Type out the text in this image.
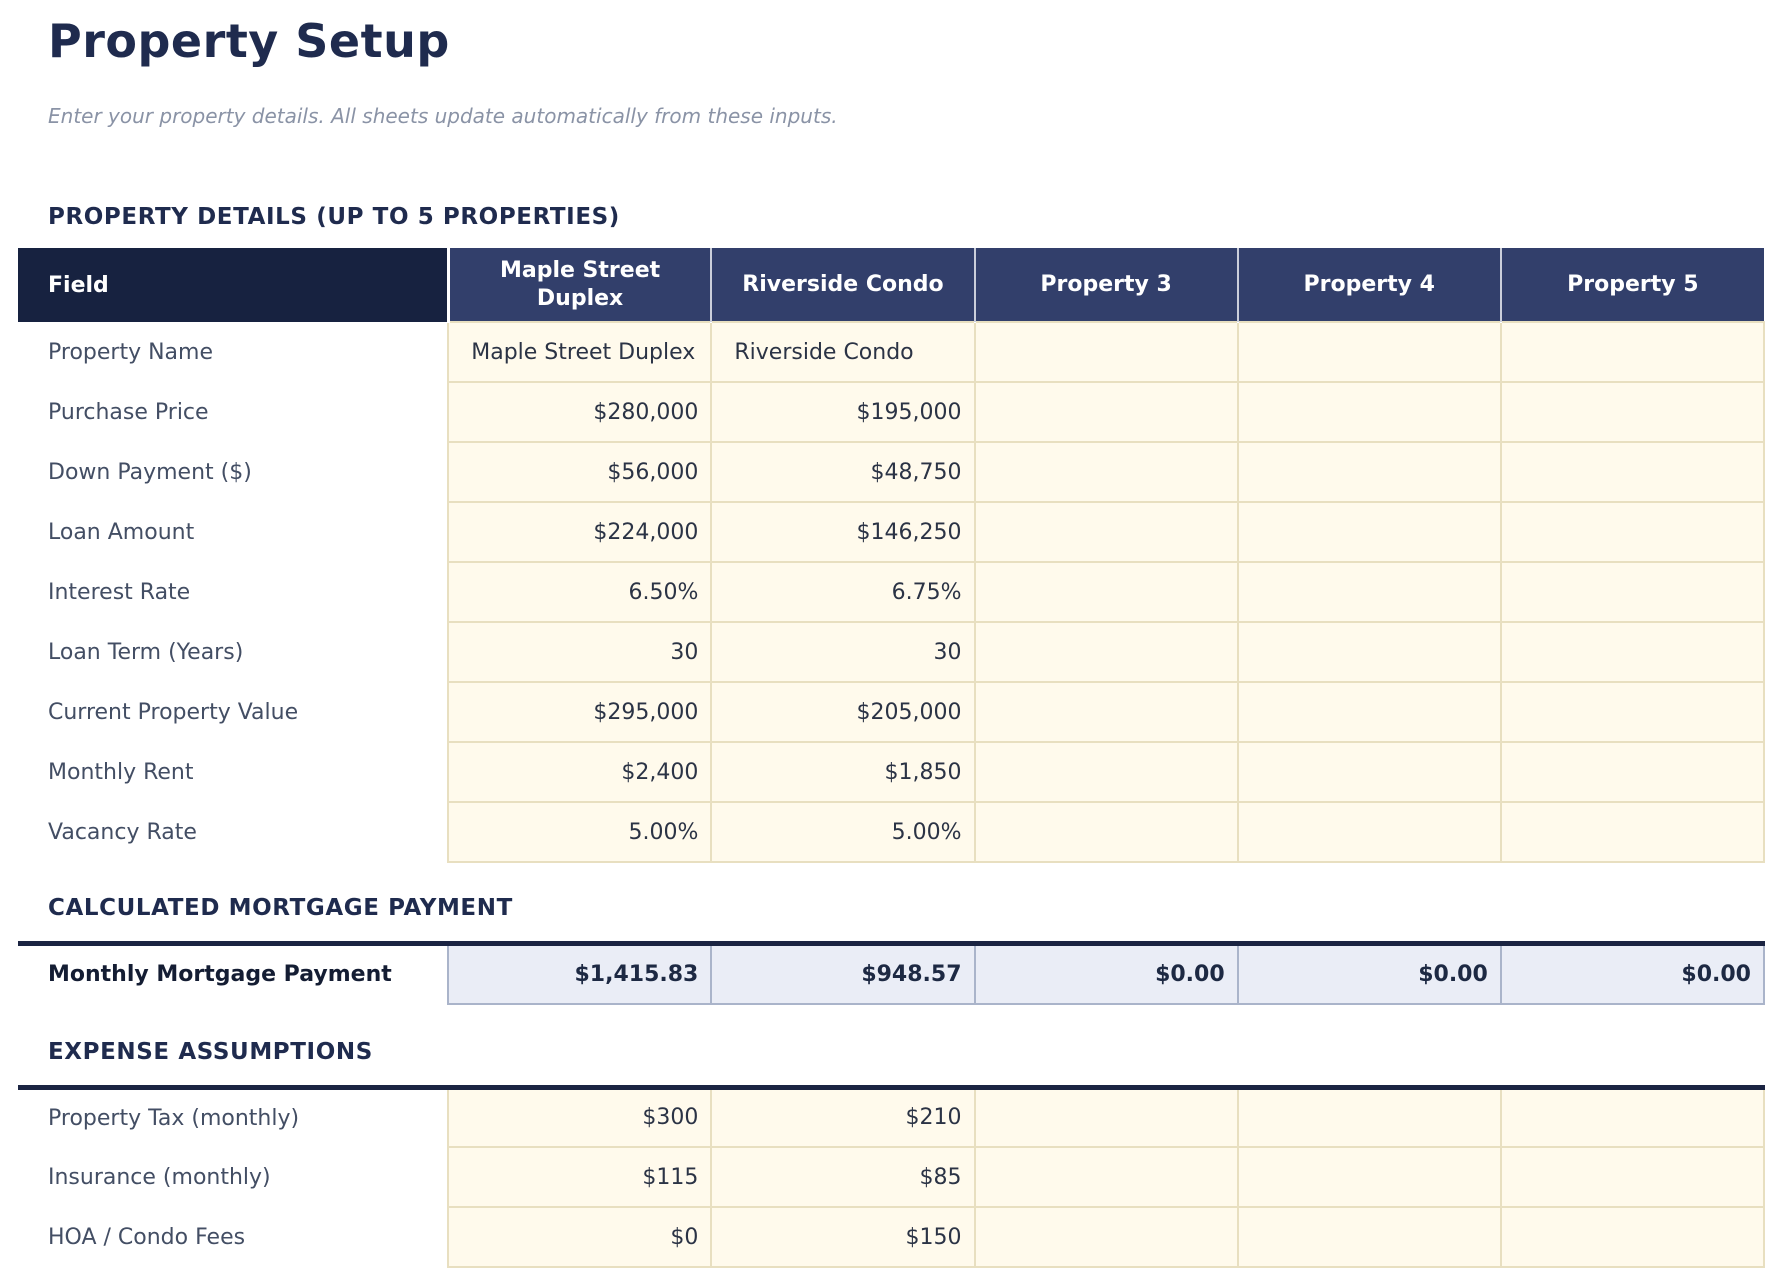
Property Setup

Enter your property details. All sheets update automatically from these inputs.

PROPERTY DETAILS (UP TO 5 PROPERTIES)
Field	Maple Street Duplex	Riverside Condo	Property 3	Property 4	Property 5
Property Name	Maple Street Duplex	Riverside Condo			
Purchase Price	$280,000	$195,000			
Down Payment ($)	$56,000	$48,750			
Loan Amount	$224,000	$146,250			
Interest Rate	6.50%	6.75%			
Loan Term (Years)	30	30			
Current Property Value	$295,000	$205,000			
Monthly Rent	$2,400	$1,850			
Vacancy Rate	5.00%	5.00%			
CALCULATED MORTGAGE PAYMENT
Monthly Mortgage Payment	$1,415.83	$948.57	$0.00	$0.00	$0.00
EXPENSE ASSUMPTIONS
Property Tax (monthly)	$300	$210			
Insurance (monthly)	$115	$85			
HOA / Condo Fees	$0	$150			
